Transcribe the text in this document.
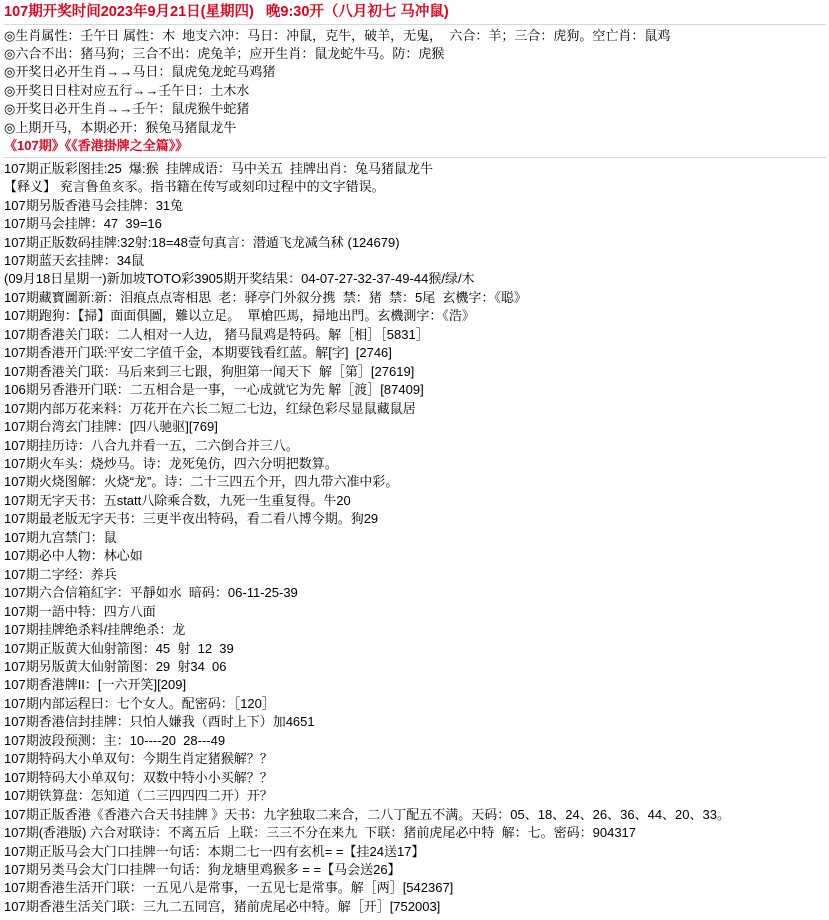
107期开奖时间2023年9月21日(星期四)   晚9:30开（八月初七 马冲鼠)
◎生肖属性：壬午日 属性：木  地支六冲：马日：冲鼠，克牛，破羊，无鬼，  六合：羊；三合：虎狗。空亡肖：鼠鸡
◎六合不出：猪马狗；三合不出：虎兔羊；应开生肖：鼠龙蛇牛马。防：虎猴
◎开奖日必开生肖→→马日：鼠虎兔龙蛇马鸡猪
◎开奖日日柱对应五行→→壬午日：土木水
◎开奖日必开生肖→→壬午：鼠虎猴牛蛇猪
◎上期开马，本期必开：猴兔马猪鼠龙牛
《107期》《《香港掛牌之全篇》》
107期正版彩图挂:25  爆:猴  挂牌成语：马中关五  挂牌出肖：兔马猪鼠龙牛
【释义】 兖言鲁鱼亥豕。指书籍在传写或刻印过程中的文字错误。
107期另版香港马会挂牌：31兔
107期马会挂牌：47  39=16
107期正版数码挂牌:32射:18=48壹句真言：潜遁飞龙减刍秫 (124679)
107期蓝天玄挂牌：34鼠
(09月18日星期一)新加坡TOTO彩3905期开奖结果：04-07-27-32-37-49-44猴/绿/木
107期藏寶圖新:新：泪痕点点寄相思  老：驿亭门外叙分携  禁：猪  禁：5尾  玄機字：《聪》
107期跑狗：【掃】面面俱圖，難以立足。  單槍匹馬，掃地出門。玄機測字：《浩》
107期香港关门联：二人相对一人边， 猪马鼠鸡是特码。解［相］［5831］
107期香港开门联:平安二字值千金，本期要钱看红蓝。解[字]  [2746]
107期香港关门联：马后来到三七跟，狗胆第一闻天下  解［第］[27619]
106期另香港开门联：二五相合是一事，一心成就它为先 解［渡］[87409]
107期内部万花来料：万花开在六长二短二七边，红绿色彩尽显鼠藏鼠居
107期台湾玄门挂牌：[四八驰驱][769]
107期挂历诗：八合九并看一五，二六倒合并三八。
107期火车头：烧炒马。诗：龙死兔仿，四六分明把数算。
107期火烧图解：火烧“龙”。诗：二十三四五个开，四九带六准中彩。
107期无字天书：五statt八除乘合数，九死一生重复得。牛20
107期最老版无字天书：三更半夜出特码，看二看八博今期。狗29
107期九宫禁门：鼠
107期必中人物：林心如
107期二字经：养兵
107期六合信箱紅字：平靜如水  暗码：06-11-25-39
107期一語中特：四方八面
107期挂牌绝杀料/挂牌绝杀：龙
107期正版黄大仙射箭图：45  射  12  39
107期另版黄大仙射箭图：29  射34  06
107期香港牌II：[一六开笑][209]
107期内部运程曰：七个女人。配密码：［120］
107期香港信封挂牌：只怕人嫌我（酉时上下）加4651
107期波段预测：主：10----20  28---49
107期特码大小单双句：今期生肖定猪猴解？？
107期特码大小单双句：双数中特小小买解？？
107期铁算盘：怎知道（二三四四四二开）开？
107期正版香港《香港六合天书挂牌 》天书：九字独取二来合，二八丁配五不满。天码：05、18、24、26、36、44、20、33。
107期(香港版) 六合对联诗：不离五后  上联：三三不分在来九  下联：猪前虎尾必中特  解：七。密码：904317
107期正版马会大门口挂牌一句话：本期二七一四有玄机= =【挂24送17】
107期另类马会大门口挂牌一句话：狗龙塘里鸡猴多 = =【马会送26】
107期香港生活开门联：一五见八是常事，一五见七是常事。解［两］[542367]
107期香港生活关门联：三九二五同宫，猪前虎尾必中特。解［开］[752003]
